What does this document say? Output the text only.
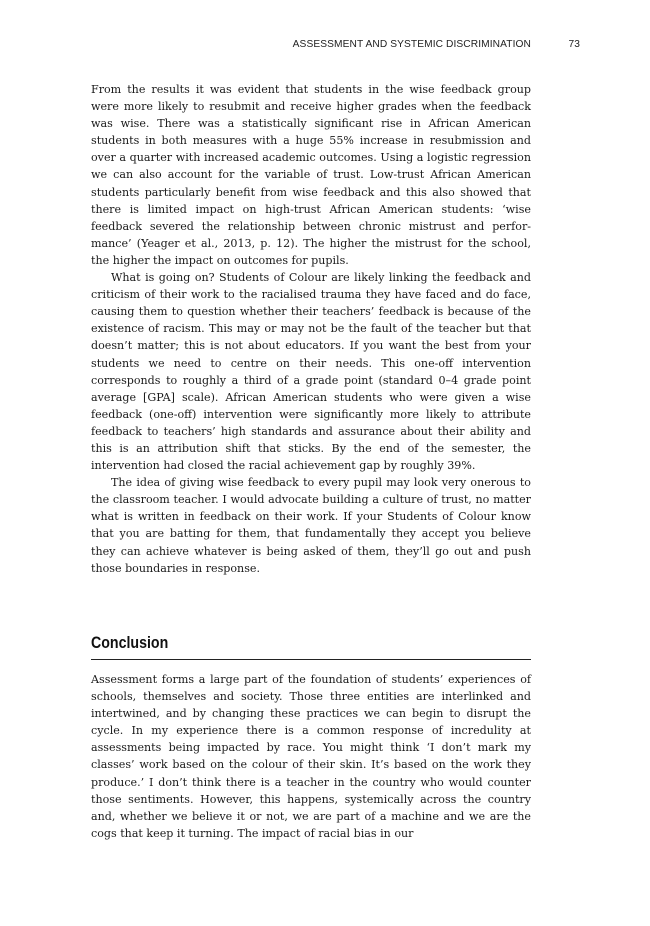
ASSESSMENT AND SYSTEMIC DISCRIMINATION	73

From the results it was evident that students in the wise feedback group were more likely to resubmit and receive higher grades when the feedback was wise. There was a statistically significant rise in African American students in both measures with a huge 55% increase in resubmission and over a quarter with increased academic outcomes. Using a logistic regression we can also account for the variable of trust. Low-trust African American students particularly benefit from wise feedback and this also showed that there is limited impact on high-trust African American students: ‘wise feedback severed the relationship between chronic mistrust and performance’ (Yeager et al., 2013, p. 12). The higher the mistrust for the school, the higher the impact on outcomes for pupils.

What is going on? Students of Colour are likely linking the feedback and criticism of their work to the racialised trauma they have faced and do face, causing them to question whether their teachers’ feedback is because of the existence of racism. This may or may not be the fault of the teacher but that doesn’t matter; this is not about educators. If you want the best from your students we need to centre on their needs. This one-off intervention corresponds to roughly a third of a grade point (standard 0–4 grade point average [GPA] scale). African American students who were given a wise feedback (one-off) intervention were significantly more likely to attribute feedback to teachers’ high standards and assurance about their ability and this is an attribution shift that sticks. By the end of the semester, the intervention had closed the racial achievement gap by roughly 39%.

The idea of giving wise feedback to every pupil may look very onerous to the classroom teacher. I would advocate building a culture of trust, no matter what is written in feedback on their work. If your Students of Colour know that you are batting for them, that fundamentally they accept you believe they can achieve whatever is being asked of them, they’ll go out and push those boundaries in response.

Conclusion

Assessment forms a large part of the foundation of students’ experiences of schools, themselves and society. Those three entities are interlinked and intertwined, and by changing these practices we can begin to disrupt the cycle. In my experience there is a common response of incredulity at assessments being impacted by race. You might think ‘I don’t mark my classes’ work based on the colour of their skin. It’s based on the work they produce.’ I don’t think there is a teacher in the country who would counter those sentiments. However, this happens, systemically across the country and, whether we believe it or not, we are part of a machine and we are the cogs that keep it turning. The impact of racial bias in our
